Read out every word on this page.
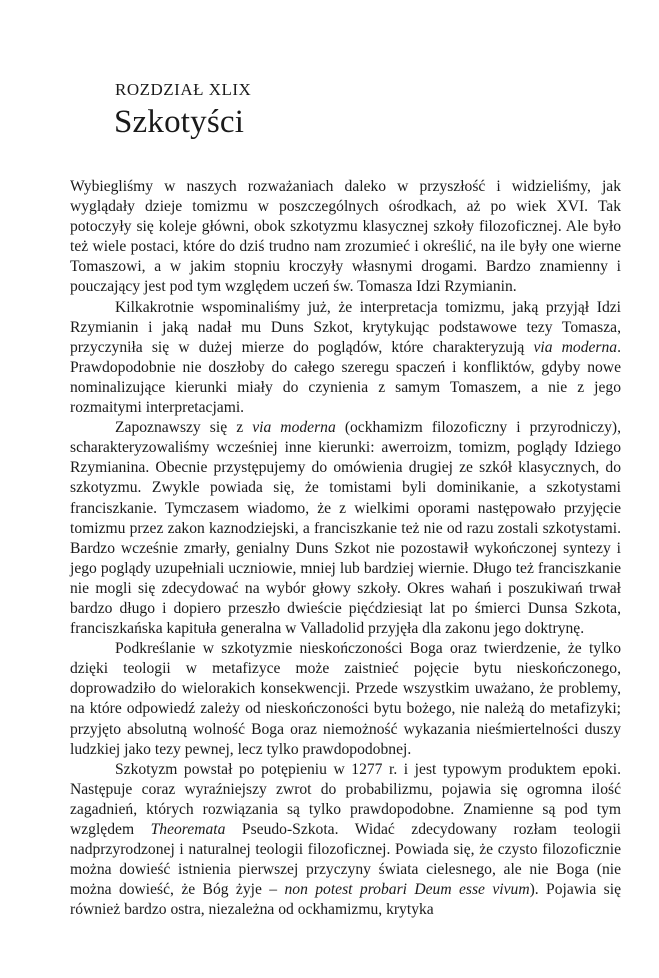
ROZDZIAŁ XLIX
Szkotyści

Wybiegliśmy w naszych rozważaniach daleko w przyszłość i widzieliśmy, jak wyglądały dzieje tomizmu w poszczególnych ośrodkach, aż po wiek XVI. Tak potoczyły się koleje główni, obok szkotyzmu klasycznej szkoły filozoficznej. Ale było też wiele postaci, które do dziś trudno nam zrozumieć i określić, na ile były one wierne Tomaszowi, a w jakim stopniu kroczyły własnymi drogami. Bardzo znamienny i pouczający jest pod tym względem uczeń św. Tomasza Idzi Rzymianin.

Kilkakrotnie wspominaliśmy już, że interpretacja tomizmu, jaką przyjął Idzi Rzymianin i jaką nadał mu Duns Szkot, krytykując podstawowe tezy Tomasza, przyczyniła się w dużej mierze do poglądów, które charakteryzują via moderna. Prawdopodobnie nie doszłoby do całego szeregu spaczeń i konfliktów, gdyby nowe nominalizujące kierunki miały do czynienia z samym Tomaszem, a nie z jego rozmaitymi interpretacjami.

Zapoznawszy się z via moderna (ockhamizm filozoficzny i przyrodniczy), scharakteryzowaliśmy wcześniej inne kierunki: awerroizm, tomizm, poglądy Idziego Rzymianina. Obecnie przystępujemy do omówienia drugiej ze szkół klasycznych, do szkotyzmu. Zwykle powiada się, że tomistami byli dominikanie, a szkotystami franciszkanie. Tymczasem wiadomo, że z wielkimi oporami następowało przyjęcie tomizmu przez zakon kaznodziejski, a franciszkanie też nie od razu zostali szkotystami. Bardzo wcześnie zmarły, genialny Duns Szkot nie pozostawił wykończonej syntezy i jego poglądy uzupełniali uczniowie, mniej lub bardziej wiernie. Długo też franciszkanie nie mogli się zdecydować na wybór głowy szkoły. Okres wahań i poszukiwań trwał bardzo długo i dopiero przeszło dwieście pięćdziesiąt lat po śmierci Dunsa Szkota, franciszkańska kapituła generalna w Valladolid przyjęła dla zakonu jego doktrynę.

Podkreślanie w szkotyzmie nieskończoności Boga oraz twierdzenie, że tylko dzięki teologii w metafizyce może zaistnieć pojęcie bytu nieskończonego, doprowadziło do wielorakich konsekwencji. Przede wszystkim uważano, że problemy, na które odpowiedź zależy od nieskończoności bytu bożego, nie należą do metafizyki; przyjęto absolutną wolność Boga oraz niemożność wykazania nieśmiertelności duszy ludzkiej jako tezy pewnej, lecz tylko prawdopodobnej.

Szkotyzm powstał po potępieniu w 1277 r. i jest typowym produktem epoki. Następuje coraz wyraźniejszy zwrot do probabilizmu, pojawia się ogromna ilość zagadnień, których rozwiązania są tylko prawdopodobne. Znamienne są pod tym względem Theoremata Pseudo-Szkota. Widać zdecydowany rozłam teologii nadprzyrodzonej i naturalnej teologii filozoficznej. Powiada się, że czysto filozoficznie można dowieść istnienia pierwszej przyczyny świata cielesnego, ale nie Boga (nie można dowieść, że Bóg żyje – non potest probari Deum esse vivum). Pojawia się również bardzo ostra, niezależna od ockhamizmu, krytyka
